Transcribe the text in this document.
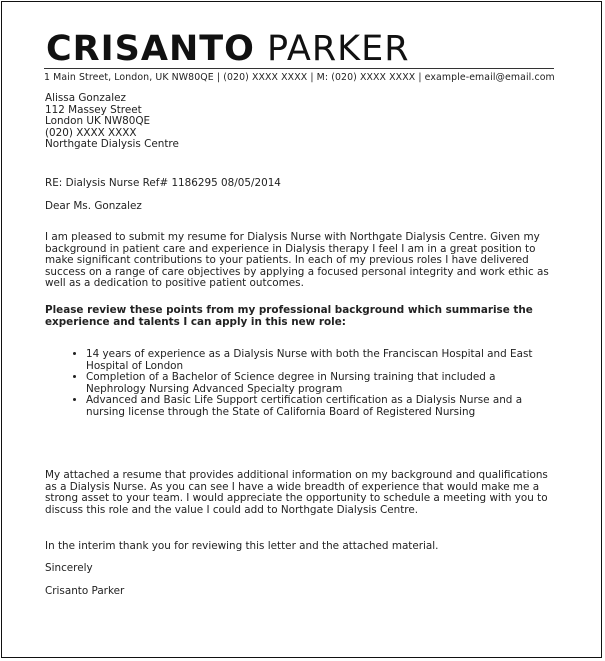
CRISANTO PARKER
1 Main Street, London, UK NW80QE | (020) XXXX XXXX | M: (020) XXXX XXXX | example-email@email.com
Alissa Gonzalez
112 Massey Street
London UK NW80QE
(020) XXXX XXXX
Northgate Dialysis Centre
RE: Dialysis Nurse Ref# 1186295 08/05/2014
Dear Ms. Gonzalez

I am pleased to submit my resume for Dialysis Nurse with Northgate Dialysis Centre. Given my background in patient care and experience in Dialysis therapy I feel I am in a great position to make significant contributions to your patients. In each of my previous roles I have delivered success on a range of care objectives by applying a focused personal integrity and work ethic as well as a dedication to positive patient outcomes.

Please review these points from my professional background which summarise the experience and talents I can apply in this new role:

• 14 years of experience as a Dialysis Nurse with both the Franciscan Hospital and East Hospital of London
• Completion of a Bachelor of Science degree in Nursing training that included a Nephrology Nursing Advanced Specialty program
• Advanced and Basic Life Support certification certification as a Dialysis Nurse and a nursing license through the State of California Board of Registered Nursing

My attached a resume that provides additional information on my background and qualifications as a Dialysis Nurse. As you can see I have a wide breadth of experience that would make me a strong asset to your team. I would appreciate the opportunity to schedule a meeting with you to discuss this role and the value I could add to Northgate Dialysis Centre.

In the interim thank you for reviewing this letter and the attached material.
Sincerely
Crisanto Parker
